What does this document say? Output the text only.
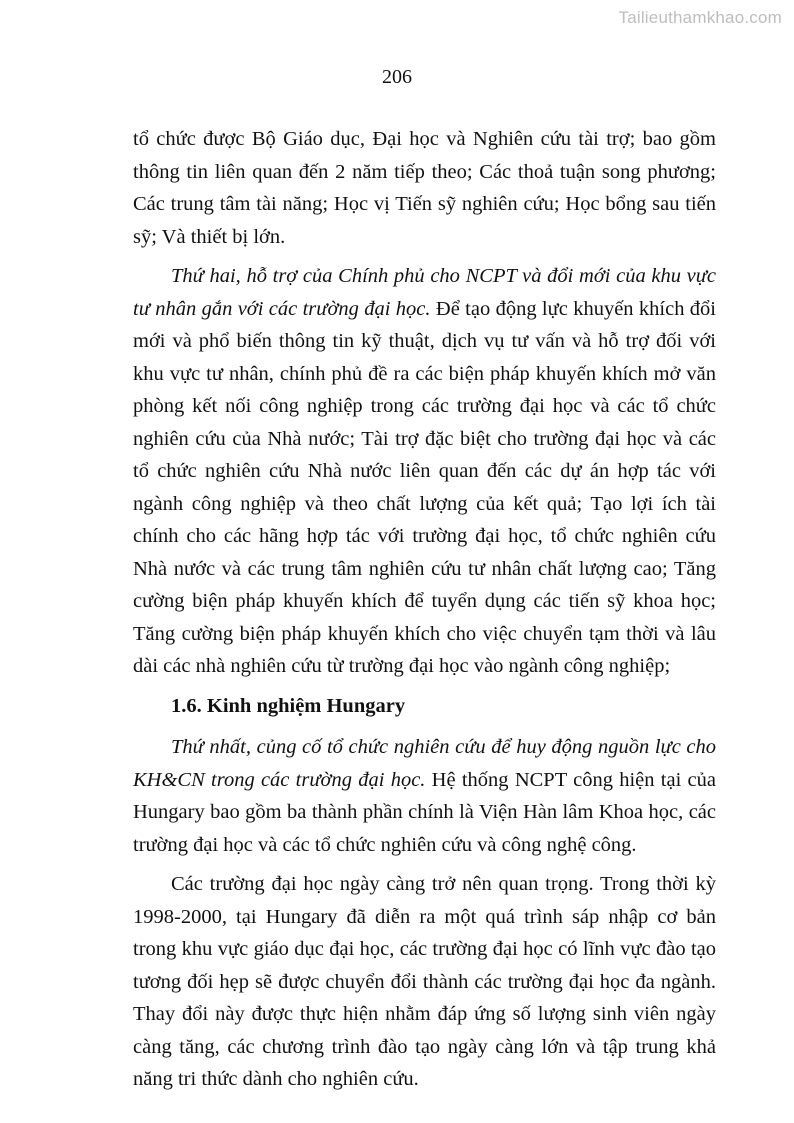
Tailieuthamkhao.com
206

tổ chức được Bộ Giáo dục, Đại học và Nghiên cứu tài trợ; bao gồm thông tin liên quan đến 2 năm tiếp theo; Các thoả tuận song phương; Các trung tâm tài năng; Học vị Tiến sỹ nghiên cứu; Học bổng sau tiến sỹ; Và thiết bị lớn.

Thứ hai, hỗ trợ của Chính phủ cho NCPT và đổi mới của khu vực tư nhân gắn với các trường đại học. Để tạo động lực khuyến khích đổi mới và phổ biến thông tin kỹ thuật, dịch vụ tư vấn và hỗ trợ đối với khu vực tư nhân, chính phủ đề ra các biện pháp khuyến khích mở văn phòng kết nối công nghiệp trong các trường đại học và các tổ chức nghiên cứu của Nhà nước; Tài trợ đặc biệt cho trường đại học và các tổ chức nghiên cứu Nhà nước liên quan đến các dự án hợp tác với ngành công nghiệp và theo chất lượng của kết quả; Tạo lợi ích tài chính cho các hãng hợp tác với trường đại học, tổ chức nghiên cứu Nhà nước và các trung tâm nghiên cứu tư nhân chất lượng cao; Tăng cường biện pháp khuyến khích để tuyển dụng các tiến sỹ khoa học; Tăng cường biện pháp khuyến khích cho việc chuyển tạm thời và lâu dài các nhà nghiên cứu từ trường đại học vào ngành công nghiệp;

1.6. Kinh nghiệm Hungary

Thứ nhất, củng cố tổ chức nghiên cứu để huy động nguồn lực cho KH&CN trong các trường đại học. Hệ thống NCPT công hiện tại của Hungary bao gồm ba thành phần chính là Viện Hàn lâm Khoa học, các trường đại học và các tổ chức nghiên cứu và công nghệ công.

Các trường đại học ngày càng trở nên quan trọng. Trong thời kỳ 1998-2000, tại Hungary đã diễn ra một quá trình sáp nhập cơ bản trong khu vực giáo dục đại học, các trường đại học có lĩnh vực đào tạo tương đối hẹp sẽ được chuyển đổi thành các trường đại học đa ngành. Thay đổi này được thực hiện nhằm đáp ứng số lượng sinh viên ngày càng tăng, các chương trình đào tạo ngày càng lớn và tập trung khả năng tri thức dành cho nghiên cứu.
